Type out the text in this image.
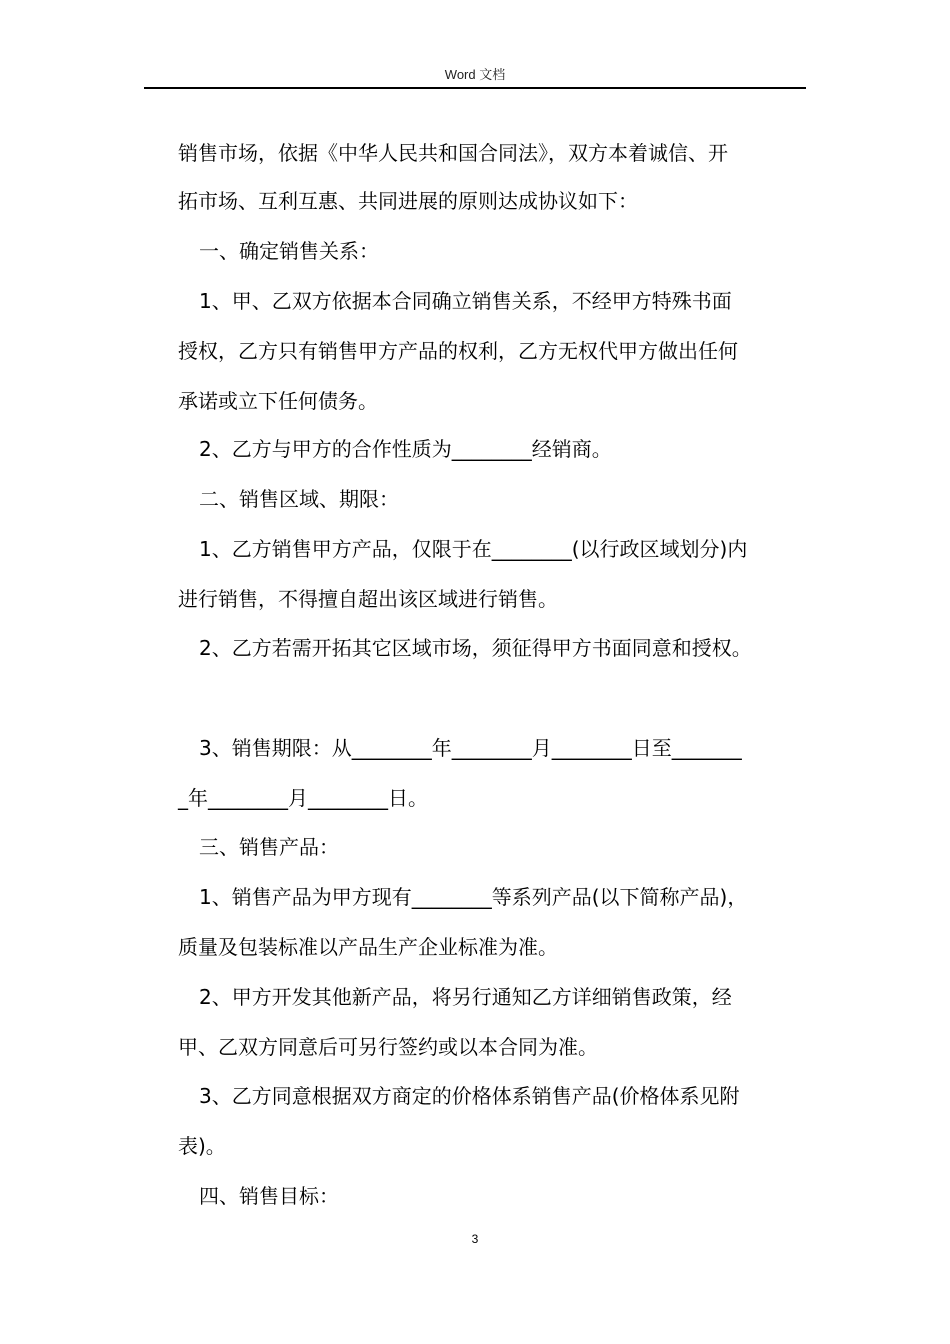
Word 文档

销售市场，依据《中华人民共和国合同法》，双方本着诚信、开

拓市场、互利互惠、共同进展的原则达成协议如下：

一、确定销售关系：

1、甲、乙双方依据本合同确立销售关系，不经甲方特殊书面

授权，乙方只有销售甲方产品的权利，乙方无权代甲方做出任何

承诺或立下任何债务。

2、乙方与甲方的合作性质为________经销商。

二、销售区域、期限：

1、乙方销售甲方产品，仅限于在________(以行政区域划分)内

进行销售，不得擅自超出该区域进行销售。

2、乙方若需开拓其它区域市场，须征得甲方书面同意和授权。

3、销售期限：从________年________月________日至_______

_年________月________日。

三、销售产品：

1、销售产品为甲方现有________等系列产品(以下简称产品)，

质量及包装标准以产品生产企业标准为准。

2、甲方开发其他新产品，将另行通知乙方详细销售政策，经

甲、乙双方同意后可另行签约或以本合同为准。

3、乙方同意根据双方商定的价格体系销售产品(价格体系见附

表)。

四、销售目标：

3
